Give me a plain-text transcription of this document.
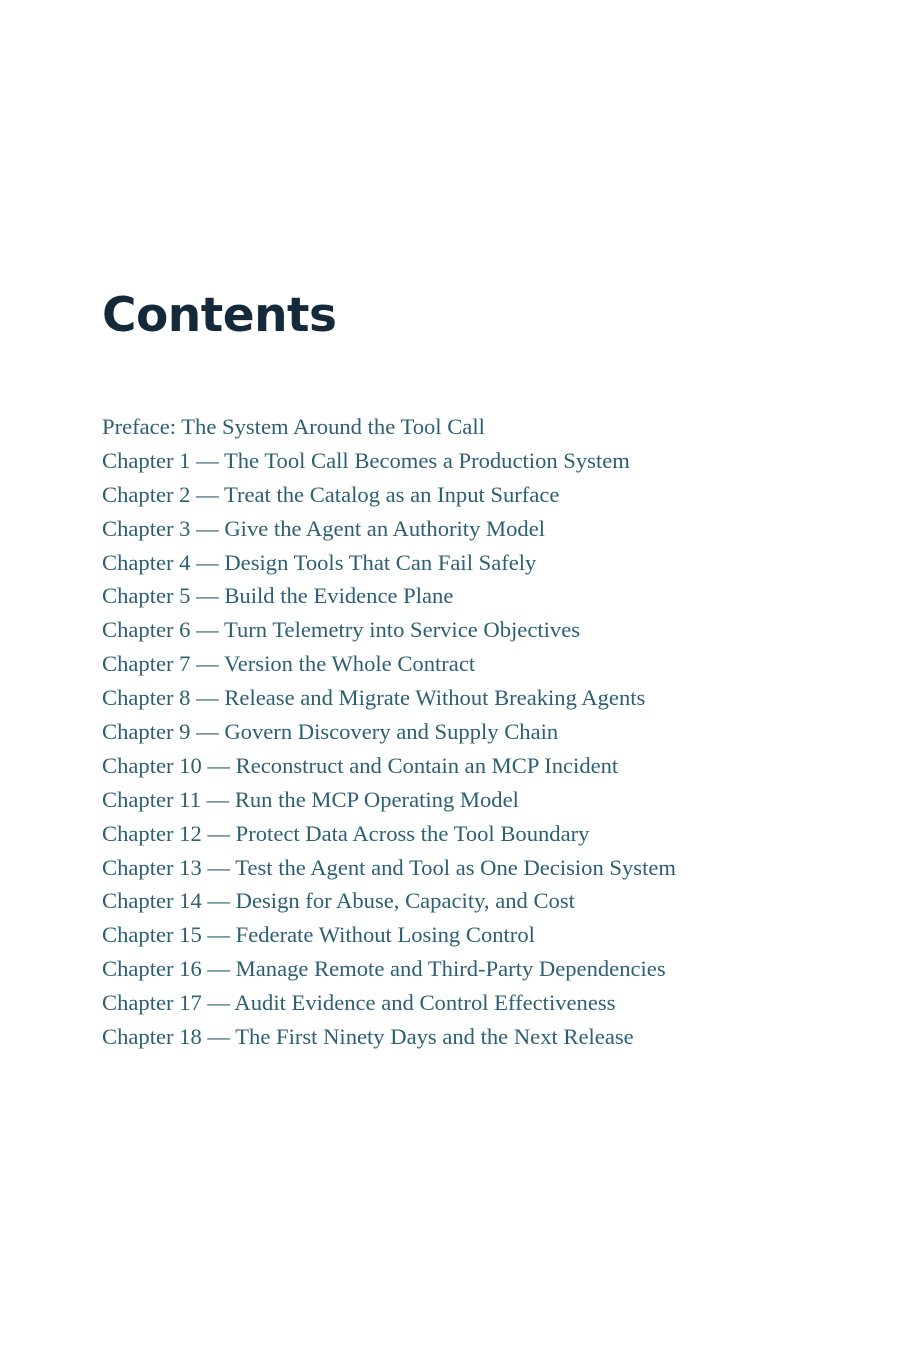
Contents
Preface: The System Around the Tool Call
Chapter 1 — The Tool Call Becomes a Production System
Chapter 2 — Treat the Catalog as an Input Surface
Chapter 3 — Give the Agent an Authority Model
Chapter 4 — Design Tools That Can Fail Safely
Chapter 5 — Build the Evidence Plane
Chapter 6 — Turn Telemetry into Service Objectives
Chapter 7 — Version the Whole Contract
Chapter 8 — Release and Migrate Without Breaking Agents
Chapter 9 — Govern Discovery and Supply Chain
Chapter 10 — Reconstruct and Contain an MCP Incident
Chapter 11 — Run the MCP Operating Model
Chapter 12 — Protect Data Across the Tool Boundary
Chapter 13 — Test the Agent and Tool as One Decision System
Chapter 14 — Design for Abuse, Capacity, and Cost
Chapter 15 — Federate Without Losing Control
Chapter 16 — Manage Remote and Third-Party Dependencies
Chapter 17 — Audit Evidence and Control Effectiveness
Chapter 18 — The First Ninety Days and the Next Release
